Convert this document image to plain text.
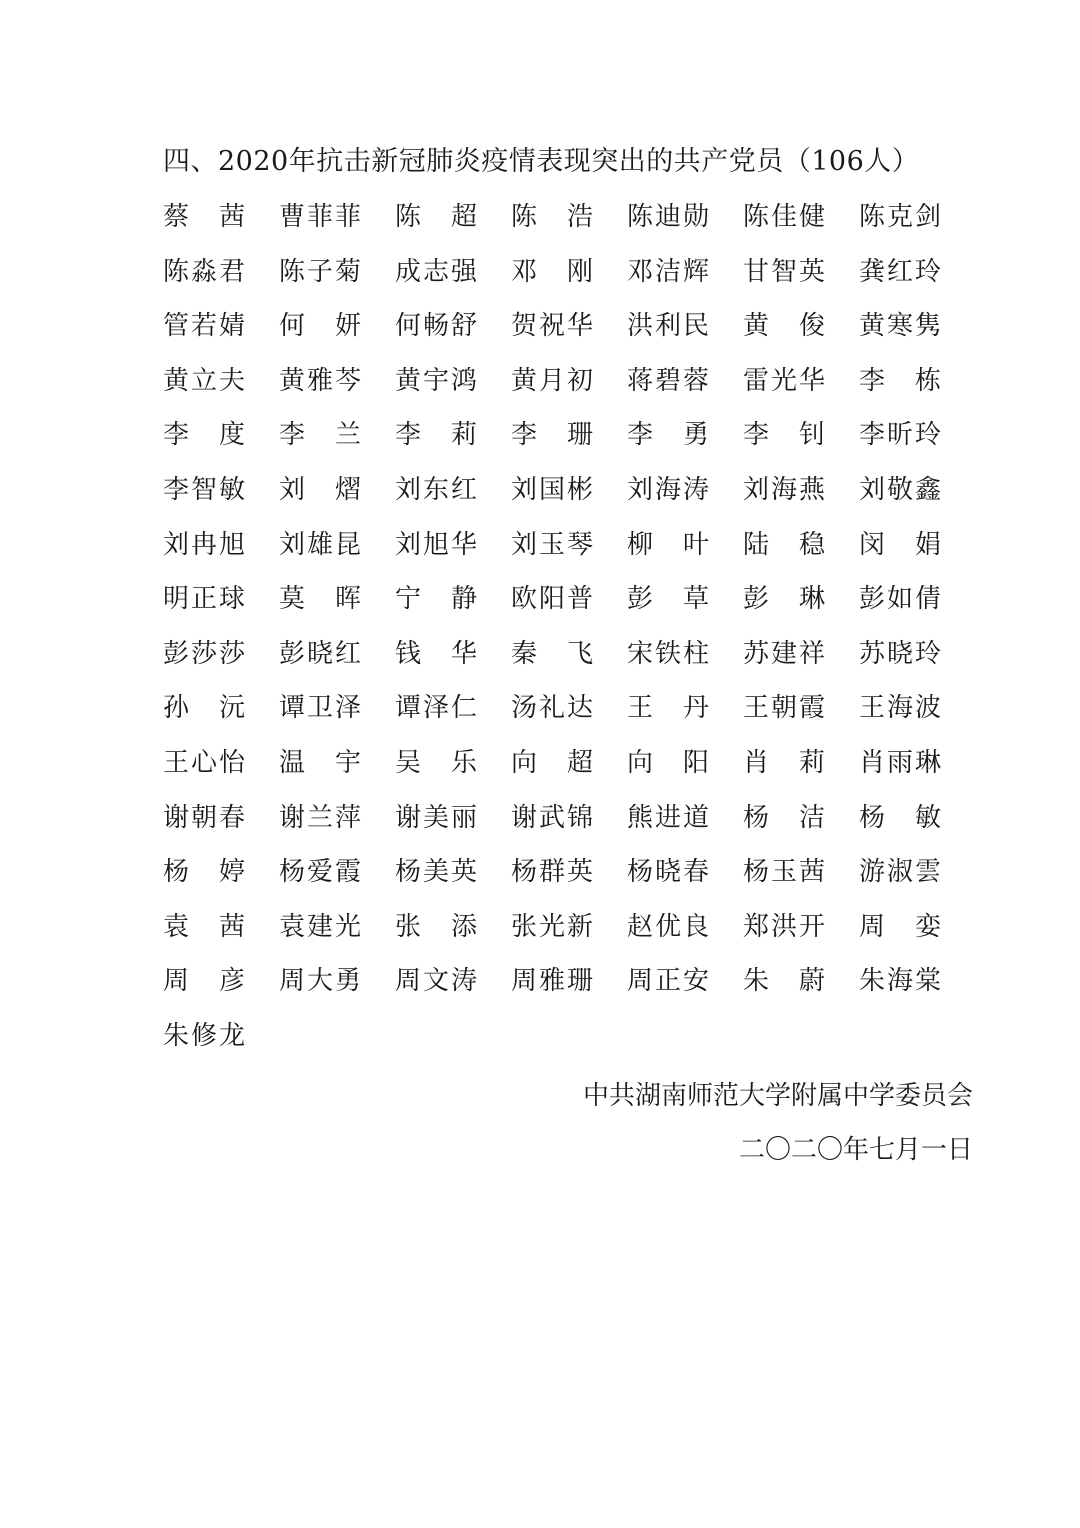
四、2020年抗击新冠肺炎疫情表现突出的共产党员（106人）
蔡 茜 曹 菲 菲 陈 超 陈 浩 陈 迪 勋 陈 佳 健 陈 克 剑
陈 淼 君 陈 子 菊 成 志 强 邓 刚 邓 洁 辉 甘 智 英 龚 红 玲
管 若 婧 何 妍 何 畅 舒 贺 祝 华 洪 利 民 黄 俊 黄 寒 隽
黄 立 夫 黄 雅 芩 黄 宇 鸿 黄 月 初 蒋 碧 蓉 雷 光 华 李 栋
李 度 李 兰 李 莉 李 珊 李 勇 李 钊 李 昕 玲
李 智 敏 刘 熠 刘 东 红 刘 国 彬 刘 海 涛 刘 海 燕 刘 敬 鑫
刘 冉 旭 刘 雄 昆 刘 旭 华 刘 玉 琴 柳 叶 陆 稳 闵 娟
明 正 球 莫 晖 宁 静 欧 阳 普 彭 草 彭 琳 彭 如 倩
彭 莎 莎 彭 晓 红 钱 华 秦 飞 宋 铁 柱 苏 建 祥 苏 晓 玲
孙 沅 谭 卫 泽 谭 泽 仁 汤 礼 达 王 丹 王 朝 霞 王 海 波
王 心 怡 温 宇 吴 乐 向 超 向 阳 肖 莉 肖 雨 琳
谢 朝 春 谢 兰 萍 谢 美 丽 谢 武 锦 熊 进 道 杨 洁 杨 敏
杨 婷 杨 爱 霞 杨 美 英 杨 群 英 杨 晓 春 杨 玉 茜 游 淑 雲
袁 茜 袁 建 光 张 添 张 光 新 赵 优 良 郑 洪 开 周 娈
周 彦 周 大 勇 周 文 涛 周 雅 珊 周 正 安 朱 蔚 朱 海 棠
朱 修 龙
中共湖南师范大学附属中学委员会
二〇二〇年七月一日
